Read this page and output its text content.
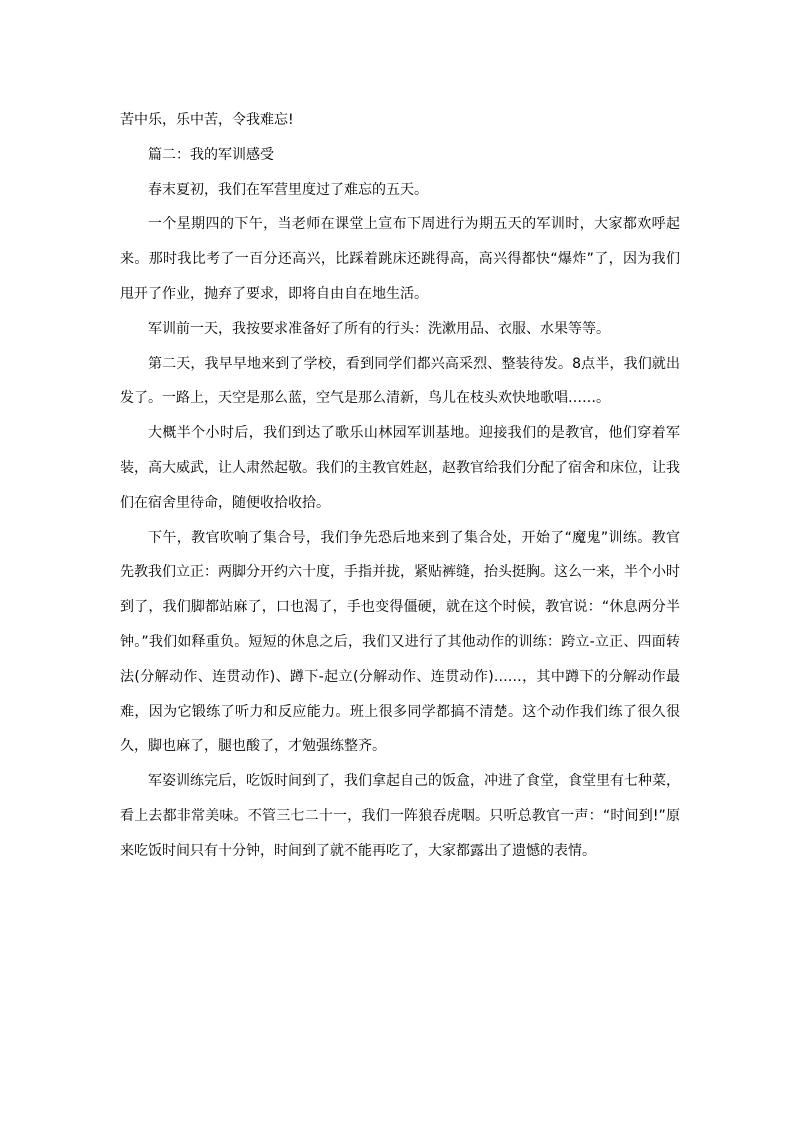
苦中乐，乐中苦，令我难忘!

篇二：我的军训感受

春末夏初，我们在军营里度过了难忘的五天。

一个星期四的下午，当老师在课堂上宣布下周进行为期五天的军训时，大家都欢呼起来。那时我比考了一百分还高兴，比踩着跳床还跳得高，高兴得都快“爆炸”了，因为我们甩开了作业，抛弃了要求，即将自由自在地生活。

军训前一天，我按要求准备好了所有的行头：洗漱用品、衣服、水果等等。

第二天，我早早地来到了学校，看到同学们都兴高采烈、整装待发。8点半，我们就出发了。一路上，天空是那么蓝，空气是那么清新，鸟儿在枝头欢快地歌唱……。

大概半个小时后，我们到达了歌乐山林园军训基地。迎接我们的是教官，他们穿着军装，高大威武，让人肃然起敬。我们的主教官姓赵，赵教官给我们分配了宿舍和床位，让我们在宿舍里待命，随便收拾收拾。

下午，教官吹响了集合号，我们争先恐后地来到了集合处，开始了“魔鬼”训练。教官先教我们立正：两脚分开约六十度，手指并拢，紧贴裤缝，抬头挺胸。这么一来，半个小时到了，我们脚都站麻了，口也渴了，手也变得僵硬，就在这个时候，教官说：“休息两分半钟。”我们如释重负。短短的休息之后，我们又进行了其他动作的训练：跨立-立正、四面转法(分解动作、连贯动作)、蹲下-起立(分解动作、连贯动作)……，其中蹲下的分解动作最难，因为它锻练了听力和反应能力。班上很多同学都搞不清楚。这个动作我们练了很久很久，脚也麻了，腿也酸了，才勉强练整齐。

军姿训练完后，吃饭时间到了，我们拿起自己的饭盒，冲进了食堂，食堂里有七种菜，看上去都非常美味。不管三七二十一，我们一阵狼吞虎咽。只听总教官一声：“时间到!”原来吃饭时间只有十分钟，时间到了就不能再吃了，大家都露出了遗憾的表情。
